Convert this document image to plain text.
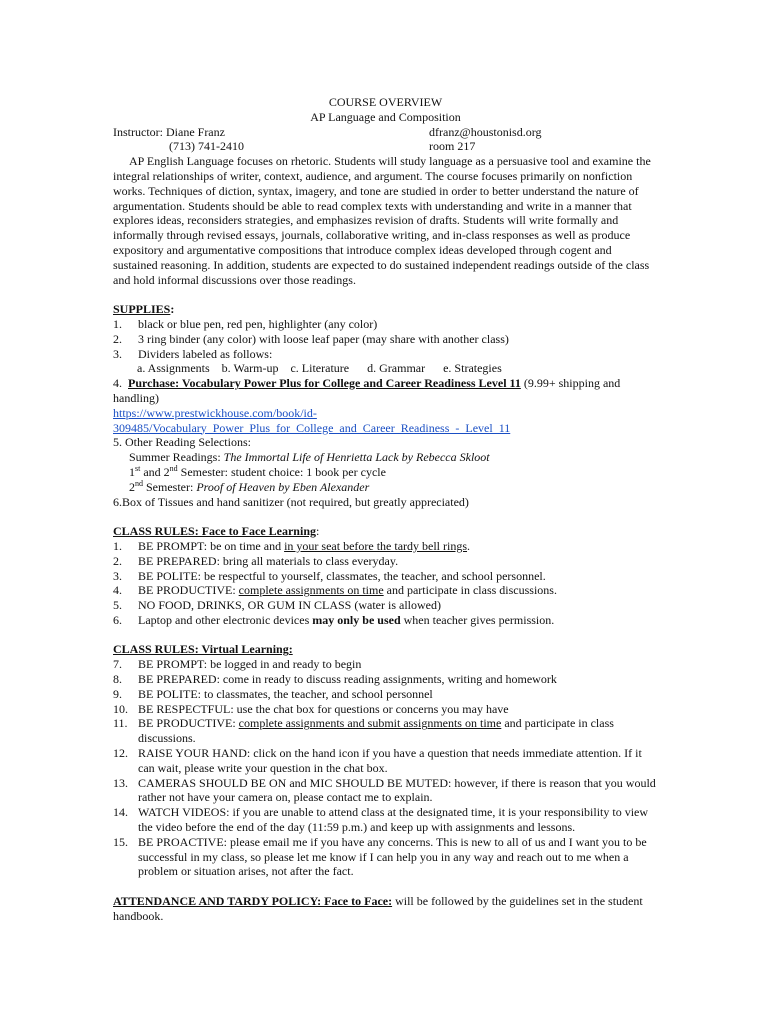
COURSE OVERVIEW

AP Language and Composition

Instructor: Diane Franz	dfranz@houstonisd.org
(713) 741-2410	room 217

AP English Language focuses on rhetoric. Students will study language as a persuasive tool and examine the integral relationships of writer, context, audience, and argument. The course focuses primarily on nonfiction works. Techniques of diction, syntax, imagery, and tone are studied in order to better understand the nature of argumentation. Students should be able to read complex texts with understanding and write in a manner that explores ideas, reconsiders strategies, and emphasizes revision of drafts. Students will write formally and informally through revised essays, journals, collaborative writing, and in-class responses as well as produce expository and argumentative compositions that introduce complex ideas developed through cogent and sustained reasoning. In addition, students are expected to do sustained independent readings outside of the class and hold informal discussions over those readings.

SUPPLIES:

1.	black or blue pen, red pen, highlighter (any color)
2.	3 ring binder (any color) with loose leaf paper (may share with another class)
3.	Dividers labeled as follows:
a. Assignments b. Warm-up c. Literature	d. Grammar	e. Strategies

4. Purchase: Vocabulary Power Plus for College and Career Readiness Level 11 (9.99+ shipping and handling)

https://www.prestwickhouse.com/book/id-
309485/Vocabulary_Power_Plus_for_College_and_Career_Readiness_-_Level_11

5. Other Reading Selections:

Summer Readings: The Immortal Life of Henrietta Lack by Rebecca Skloot

1st and 2nd Semester: student choice: 1 book per cycle

2nd Semester: Proof of Heaven by Eben Alexander

6.Box of Tissues and hand sanitizer (not required, but greatly appreciated)

CLASS RULES: Face to Face Learning:

1.	BE PROMPT: be on time and in your seat before the tardy bell rings.
2.	BE PREPARED: bring all materials to class everyday.
3.	BE POLITE: be respectful to yourself, classmates, the teacher, and school personnel.
4.	BE PRODUCTIVE: complete assignments on time and participate in class discussions.
5.	NO FOOD, DRINKS, OR GUM IN CLASS (water is allowed)
6.	Laptop and other electronic devices may only be used when teacher gives permission.

CLASS RULES: Virtual Learning:

7.	BE PROMPT: be logged in and ready to begin
8.	BE PREPARED: come in ready to discuss reading assignments, writing and homework
9.	BE POLITE: to classmates, the teacher, and school personnel
10. BE RESPECTFUL: use the chat box for questions or concerns you may have
11. BE PRODUCTIVE: complete assignments and submit assignments on time and participate in class discussions.
12. RAISE YOUR HAND: click on the hand icon if you have a question that needs immediate attention. If it can wait, please write your question in the chat box.
13. CAMERAS SHOULD BE ON and MIC SHOULD BE MUTED: however, if there is reason that you would rather not have your camera on, please contact me to explain.
14. WATCH VIDEOS: if you are unable to attend class at the designated time, it is your responsibility to view the video before the end of the day (11:59 p.m.) and keep up with assignments and lessons.
15. BE PROACTIVE: please email me if you have any concerns. This is new to all of us and I want you to be successful in my class, so please let me know if I can help you in any way and reach out to me when a problem or situation arises, not after the fact.

ATTENDANCE AND TARDY POLICY: Face to Face: will be followed by the guidelines set in the student handbook.
